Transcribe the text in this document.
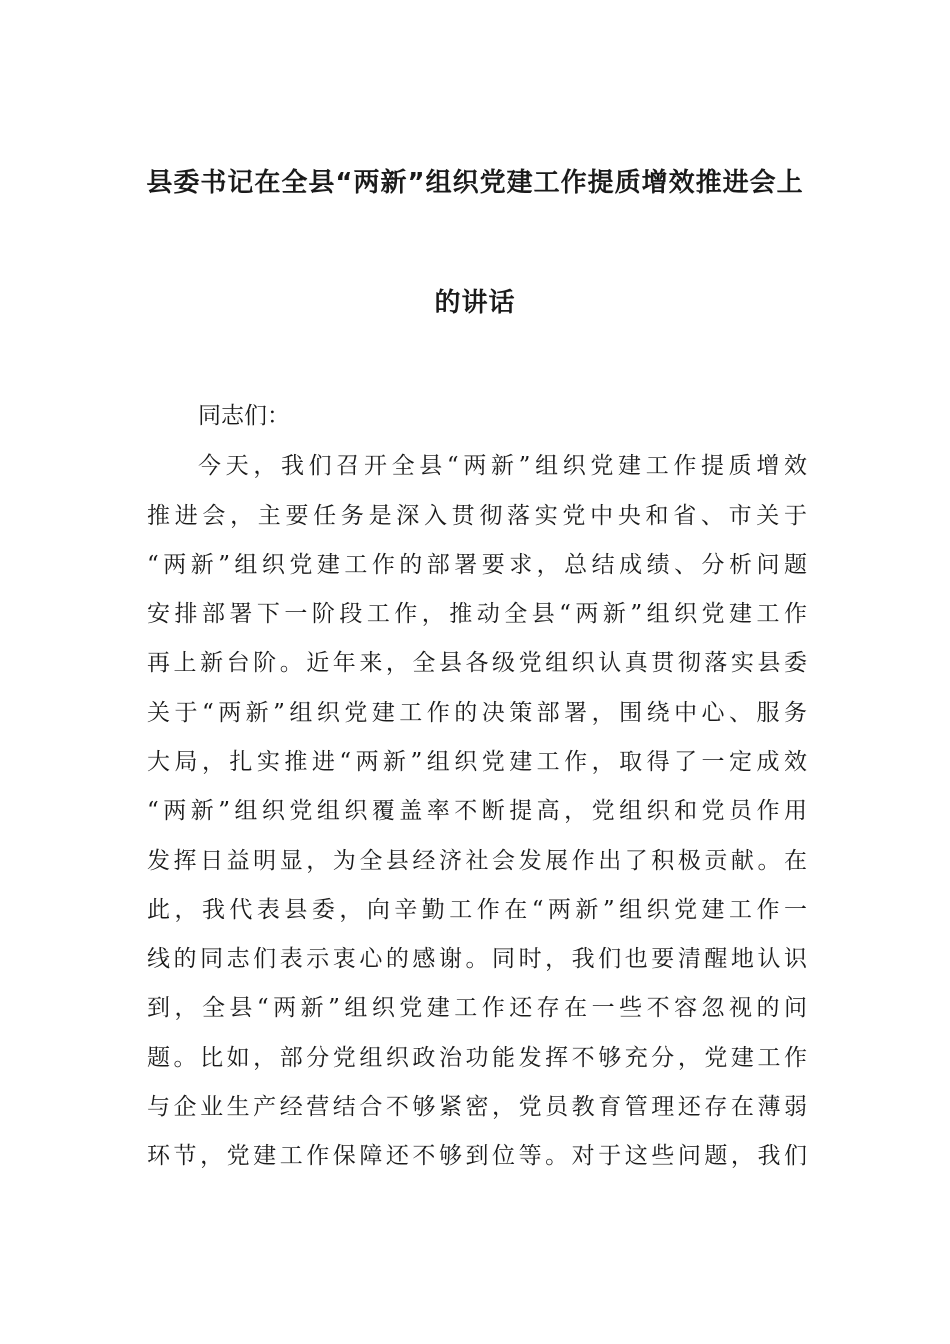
县委书记在全县“两新”组织党建工作提质增效推进会上
的讲话
同志们：
今天，我们召开全县“两新”组织党建工作提质增效
推进会，主要任务是深入贯彻落实党中央和省、市关于
“两新”组织党建工作的部署要求，总结成绩、分析问题
安排部署下一阶段工作，推动全县“两新”组织党建工作
再上新台阶。近年来，全县各级党组织认真贯彻落实县委
关于“两新”组织党建工作的决策部署，围绕中心、服务
大局，扎实推进“两新”组织党建工作，取得了一定成效
“两新”组织党组织覆盖率不断提高，党组织和党员作用
发挥日益明显，为全县经济社会发展作出了积极贡献。在
此，我代表县委，向辛勤工作在“两新”组织党建工作一
线的同志们表示衷心的感谢。同时，我们也要清醒地认识
到，全县“两新”组织党建工作还存在一些不容忽视的问
题。比如，部分党组织政治功能发挥不够充分，党建工作
与企业生产经营结合不够紧密，党员教育管理还存在薄弱
环节，党建工作保障还不够到位等。对于这些问题，我们
